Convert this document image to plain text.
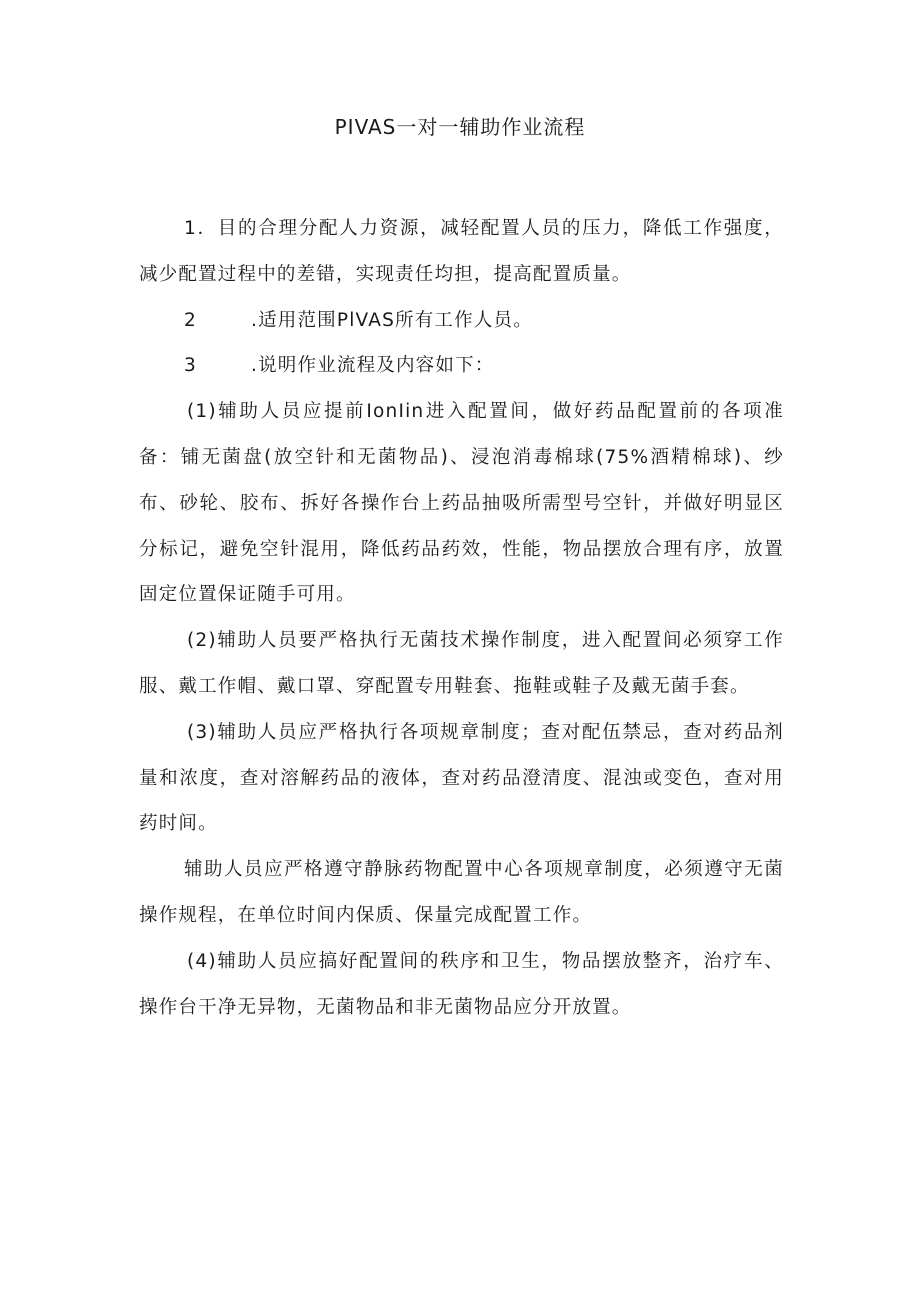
PIVAS一对一辅助作业流程

1．目的合理分配人力资源，减轻配置人员的压力，降低工作强度，减少配置过程中的差错，实现责任均担，提高配置质量。

2	.适用范围PlVAS所有工作人员。

3	.说明作业流程及内容如下：

(1)辅助人员应提前IonIin进入配置间，做好药品配置前的各项准备：铺无菌盘(放空针和无菌物品)、浸泡消毒棉球(75%酒精棉球)、纱布、砂轮、胶布、拆好各操作台上药品抽吸所需型号空针，并做好明显区分标记，避免空针混用，降低药品药效，性能，物品摆放合理有序，放置固定位置保证随手可用。

(2)辅助人员要严格执行无菌技术操作制度，进入配置间必须穿工作服、戴工作帽、戴口罩、穿配置专用鞋套、拖鞋或鞋子及戴无菌手套。

(3)辅助人员应严格执行各项规章制度；查对配伍禁忌，查对药品剂量和浓度，查对溶解药品的液体，查对药品澄清度、混浊或变色，查对用药时间。

辅助人员应严格遵守静脉药物配置中心各项规章制度，必须遵守无菌操作规程，在单位时间内保质、保量完成配置工作。

(4)辅助人员应搞好配置间的秩序和卫生，物品摆放整齐，治疗车、操作台干净无异物，无菌物品和非无菌物品应分开放置。
